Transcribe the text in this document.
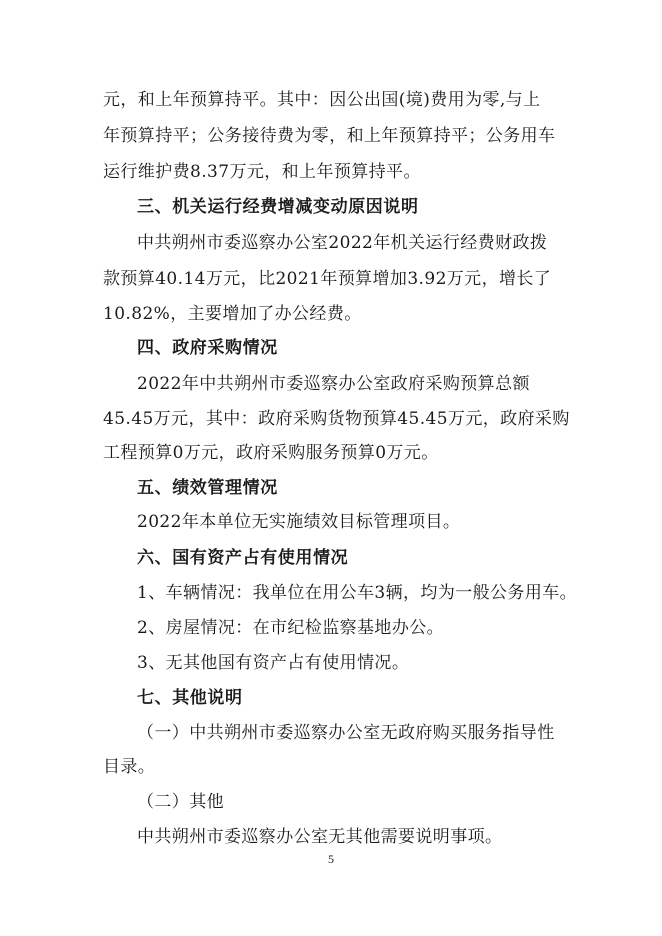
元，和上年预算持平。其中：因公出国(境)费用为零,与上
年预算持平；公务接待费为零，和上年预算持平；公务用车
运行维护费8.37万元，和上年预算持平。
三、机关运行经费增减变动原因说明
中共朔州市委巡察办公室2022年机关运行经费财政拨
款预算40.14万元，比2021年预算增加3.92万元，增长了
10.82%，主要增加了办公经费。
四、政府采购情况
2022年中共朔州市委巡察办公室政府采购预算总额
45.45万元，其中：政府采购货物预算45.45万元，政府采购
工程预算0万元，政府采购服务预算0万元。
五、绩效管理情况
2022年本单位无实施绩效目标管理项目。
六、国有资产占有使用情况
1、车辆情况：我单位在用公车3辆，均为一般公务用车。
2、房屋情况：在市纪检监察基地办公。
3、无其他国有资产占有使用情况。
七、其他说明
（一）中共朔州市委巡察办公室无政府购买服务指导性
目录。
（二）其他
中共朔州市委巡察办公室无其他需要说明事项。
5
